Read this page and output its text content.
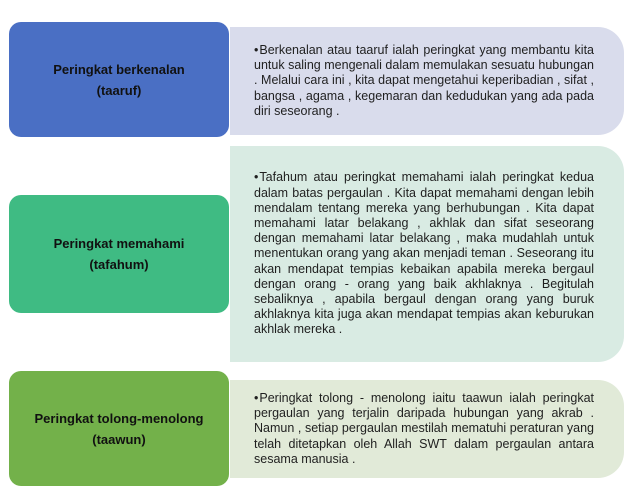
Peringkat berkenalan
(taaruf)
•Berkenalan atau taaruf ialah peringkat yang membantu kita untuk saling mengenali dalam memulakan sesuatu hubungan . Melalui cara ini , kita dapat mengetahui keperibadian , sifat , bangsa , agama , kegemaran dan kedudukan yang ada pada diri seseorang .
•Tafahum atau peringkat memahami ialah peringkat kedua dalam batas pergaulan . Kita dapat memahami dengan lebih mendalam tentang mereka yang berhubungan . Kita dapat memahami latar belakang , akhlak dan sifat seseorang dengan memahami latar belakang , maka mudahlah untuk menentukan orang yang akan menjadi teman . Seseorang itu akan mendapat tempias kebaikan apabila mereka bergaul dengan orang - orang yang baik akhlaknya . Begitulah sebaliknya , apabila bergaul dengan orang yang buruk akhlaknya kita juga akan mendapat tempias akan keburukan akhlak mereka .
Peringkat memahami
(tafahum)
Peringkat tolong-menolong
(taawun)
•Peringkat tolong - menolong iaitu taawun ialah peringkat pergaulan yang terjalin daripada hubungan yang akrab . Namun , setiap pergaulan mestilah mematuhi peraturan yang telah ditetapkan oleh Allah SWT dalam pergaulan antara sesama manusia .
